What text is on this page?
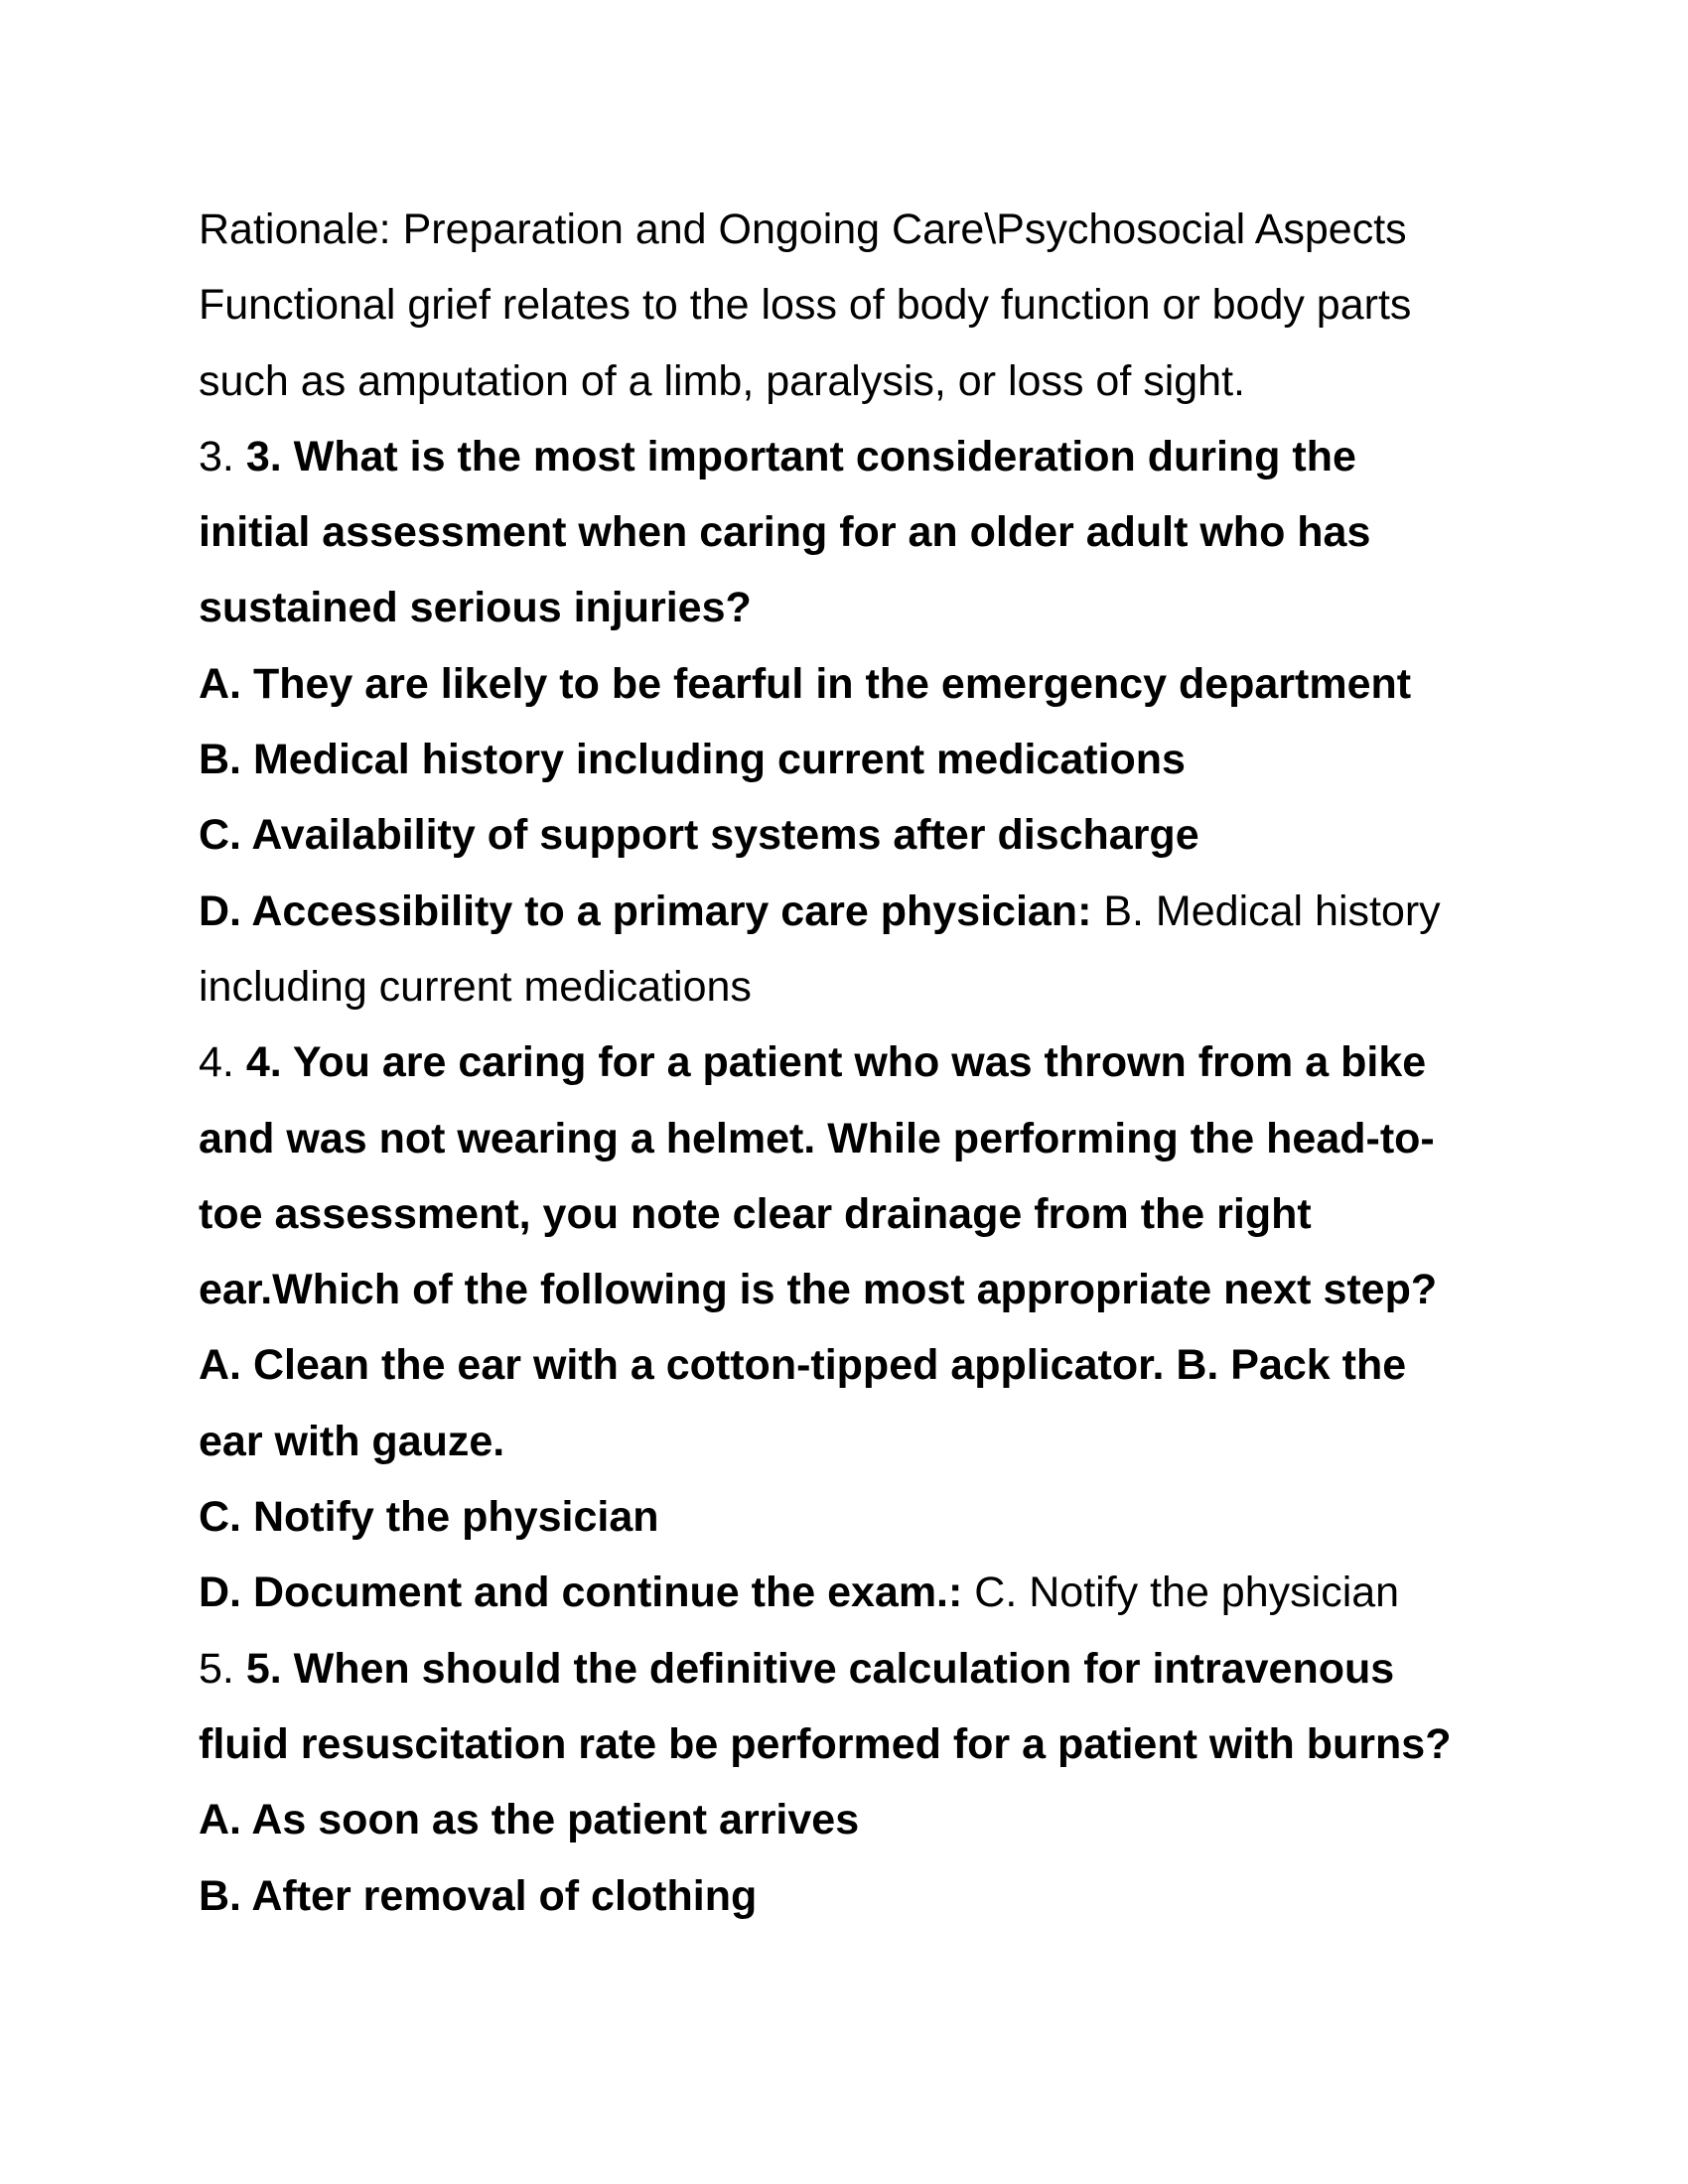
Rationale: Preparation and Ongoing Care\Psychosocial Aspects
Functional grief relates to the loss of body function or body parts
such as amputation of a limb, paralysis, or loss of sight.
3. 3. What is the most important consideration during the
initial assessment when caring for an older adult who has
sustained serious injuries?
A. They are likely to be fearful in the emergency department
B. Medical history including current medications
C. Availability of support systems after discharge
D. Accessibility to a primary care physician: B. Medical history
including current medications
4. 4. You are caring for a patient who was thrown from a bike
and was not wearing a helmet. While performing the head-to-
toe assessment, you note clear drainage from the right
ear.Which of the following is the most appropriate next step?
A. Clean the ear with a cotton-tipped applicator. B. Pack the
ear with gauze.
C. Notify the physician
D. Document and continue the exam.: C. Notify the physician
5. 5. When should the definitive calculation for intravenous
fluid resuscitation rate be performed for a patient with burns?
A. As soon as the patient arrives
B. After removal of clothing
